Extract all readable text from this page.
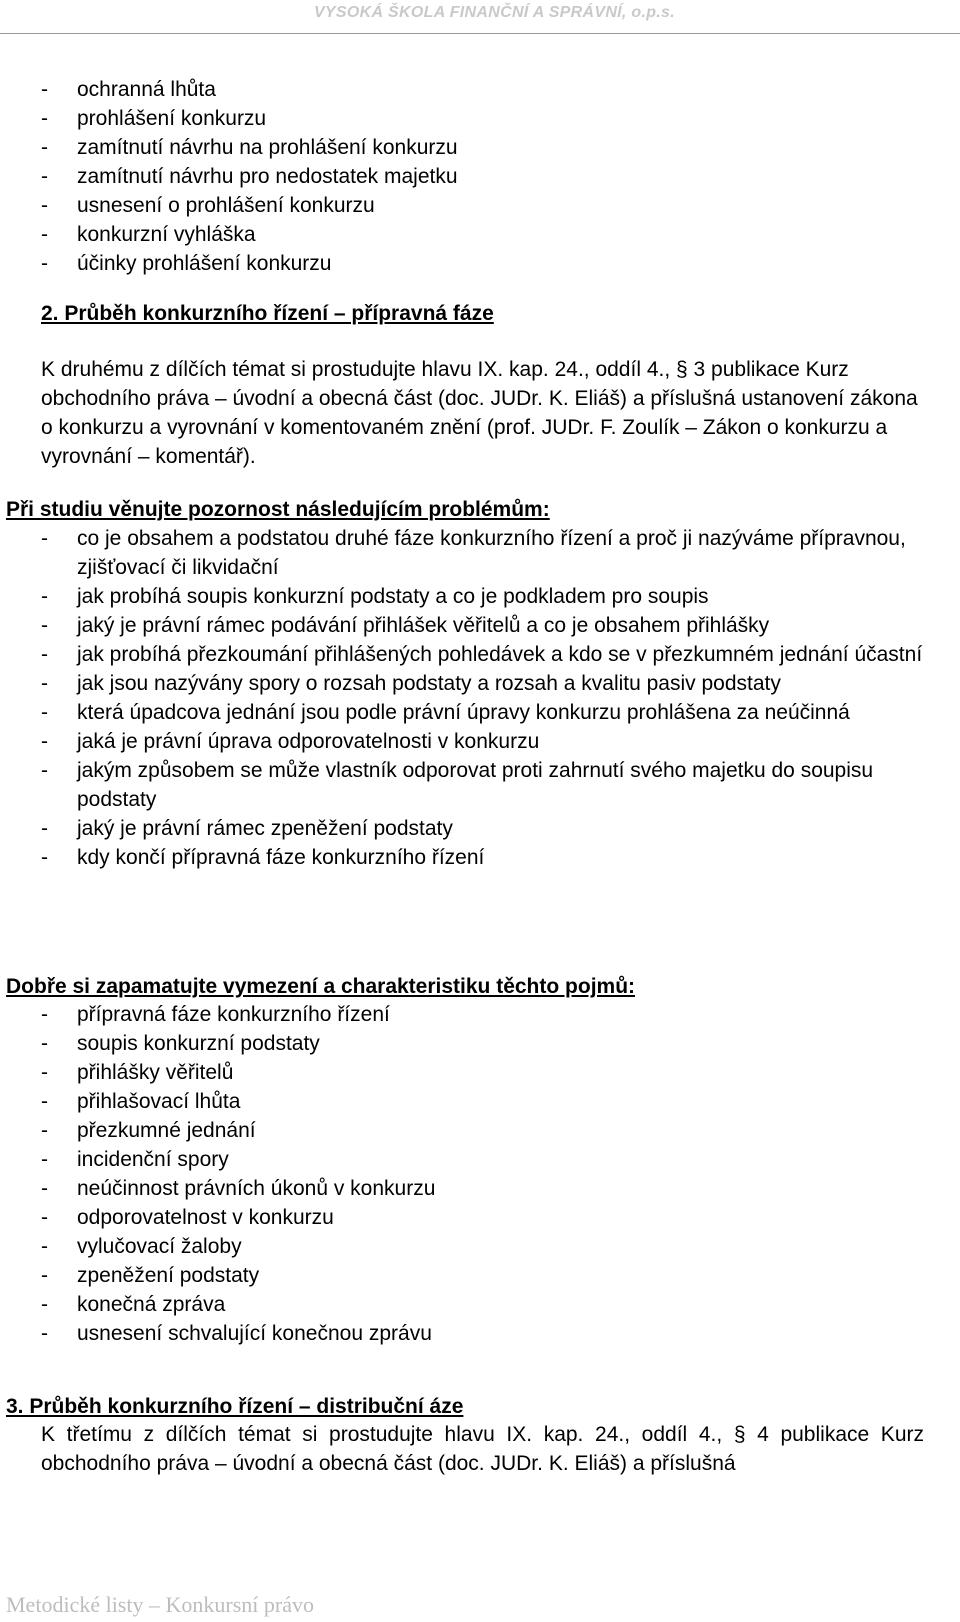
VYSOKÁ ŠKOLA FINANČNÍ A SPRÁVNÍ, o.p.s.
- ochranná lhůta
- prohlášení konkurzu
- zamítnutí návrhu na prohlášení konkurzu
- zamítnutí návrhu pro nedostatek majetku
- usnesení o prohlášení konkurzu
- konkurzní vyhláška
- účinky prohlášení konkurzu

2. Průběh konkurzního řízení – přípravná fáze

K druhému z dílčích témat si prostudujte hlavu IX. kap. 24., oddíl 4., § 3 publikace Kurz obchodního práva – úvodní a obecná část (doc. JUDr. K. Eliáš) a příslušná ustanovení zákona o konkurzu a vyrovnání v komentovaném znění (prof. JUDr. F. Zoulík – Zákon o konkurzu a vyrovnání – komentář).

Při studiu věnujte pozornost následujícím problémům:

- co je obsahem a podstatou druhé fáze konkurzního řízení a proč ji nazýváme přípravnou, zjišťovací či likvidační
- jak probíhá soupis konkurzní podstaty a co je podkladem pro soupis
- jaký je právní rámec podávání přihlášek věřitelů a co je obsahem přihlášky
- jak probíhá přezkoumání přihlášených pohledávek a kdo se v přezkumném jednání účastní
- jak jsou nazývány spory o rozsah podstaty a rozsah a kvalitu pasiv podstaty
- která úpadcova jednání jsou podle právní úpravy konkurzu prohlášena za neúčinná
- jaká je právní úprava odporovatelnosti v konkurzu
- jakým způsobem se může vlastník odporovat proti zahrnutí svého majetku do soupisu podstaty
- jaký je právní rámec zpeněžení podstaty
- kdy končí přípravná fáze konkurzního řízení

Dobře si zapamatujte vymezení a charakteristiku těchto pojmů:

- přípravná fáze konkurzního řízení
- soupis konkurzní podstaty
- přihlášky věřitelů
- přihlašovací lhůta
- přezkumné jednání
- incidenční spory
- neúčinnost právních úkonů v konkurzu
- odporovatelnost v konkurzu
- vylučovací žaloby
- zpeněžení podstaty
- konečná zpráva
- usnesení schvalující konečnou zprávu

3. Průběh konkurzního řízení – distribuční áze

K třetímu z dílčích témat si prostudujte hlavu IX. kap. 24., oddíl 4., § 4 publikace Kurz obchodního práva – úvodní a obecná část (doc. JUDr. K. Eliáš) a příslušná

Metodické listy – Konkursní právo
